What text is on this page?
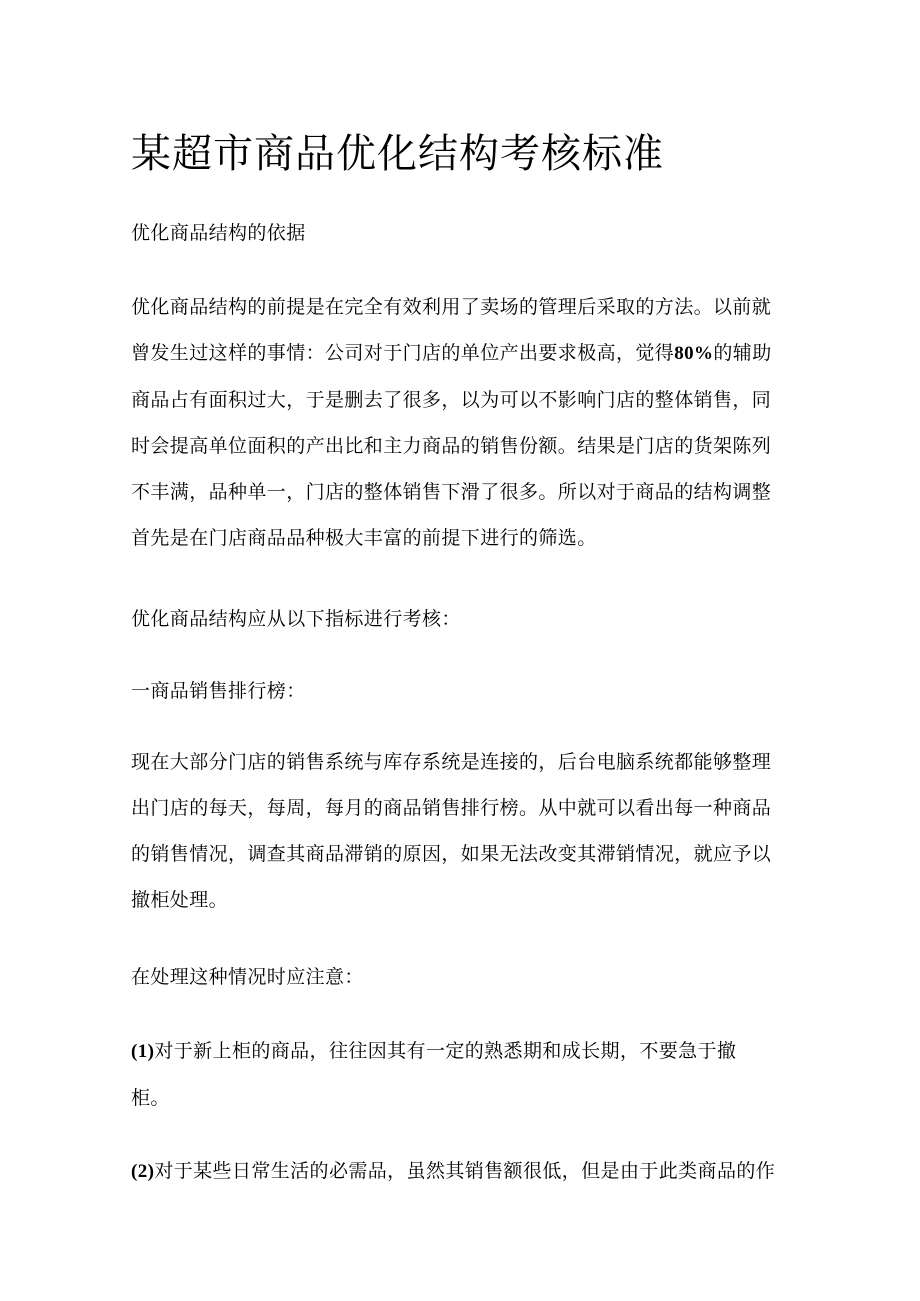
某超市商品优化结构考核标准

优化商品结构的依据

优化商品结构的前提是在完全有效利用了卖场的管理后采取的方法。以前就
曾发生过这样的事情：公司对于门店的单位产出要求极高，觉得80%的辅助
商品占有面积过大，于是删去了很多，以为可以不影响门店的整体销售，同
时会提高单位面积的产出比和主力商品的销售份额。结果是门店的货架陈列
不丰满，品种单一，门店的整体销售下滑了很多。所以对于商品的结构调整
首先是在门店商品品种极大丰富的前提下进行的筛选。

优化商品结构应从以下指标进行考核：

一商品销售排行榜：

现在大部分门店的销售系统与库存系统是连接的，后台电脑系统都能够整理
出门店的每天，每周，每月的商品销售排行榜。从中就可以看出每一种商品
的销售情况，调查其商品滞销的原因，如果无法改变其滞销情况，就应予以
撤柜处理。

在处理这种情况时应注意：

(1)对于新上柜的商品，往往因其有一定的熟悉期和成长期，不要急于撤
柜。

(2)对于某些日常生活的必需品，虽然其销售额很低，但是由于此类商品的作
